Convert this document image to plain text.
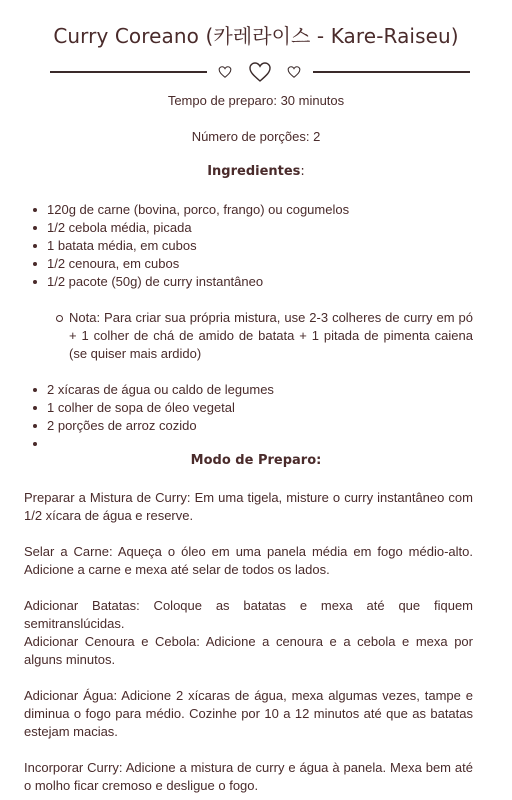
Curry Coreano (카레라이스 - Kare-Raiseu)

Tempo de preparo: 30 minutos

Número de porções: 2

Ingredientes:
120g de carne (bovina, porco, frango) ou cogumelos
1/2 cebola média, picada
1 batata média, em cubos
1/2 cenoura, em cubos
1/2 pacote (50g) de curry instantâneo
Nota: Para criar sua própria mistura, use 2-3 colheres de curry em pó + 1 colher de chá de amido de batata + 1 pitada de pimenta caiena (se quiser mais ardido)
2 xícaras de água ou caldo de legumes
1 colher de sopa de óleo vegetal
2 porções de arroz cozido
Modo de Preparo:

Preparar a Mistura de Curry: Em uma tigela, misture o curry instantâneo com 1/2 xícara de água e reserve.

Selar a Carne: Aqueça o óleo em uma panela média em fogo médio-alto. Adicione a carne e mexa até selar de todos os lados.

Adicionar Batatas: Coloque as batatas e mexa até que fiquem semitranslúcidas.

Adicionar Cenoura e Cebola: Adicione a cenoura e a cebola e mexa por alguns minutos.

Adicionar Água: Adicione 2 xícaras de água, mexa algumas vezes, tampe e diminua o fogo para médio. Cozinhe por 10 a 12 minutos até que as batatas estejam macias.

Incorporar Curry: Adicione a mistura de curry e água à panela. Mexa bem até o molho ficar cremoso e desligue o fogo.
